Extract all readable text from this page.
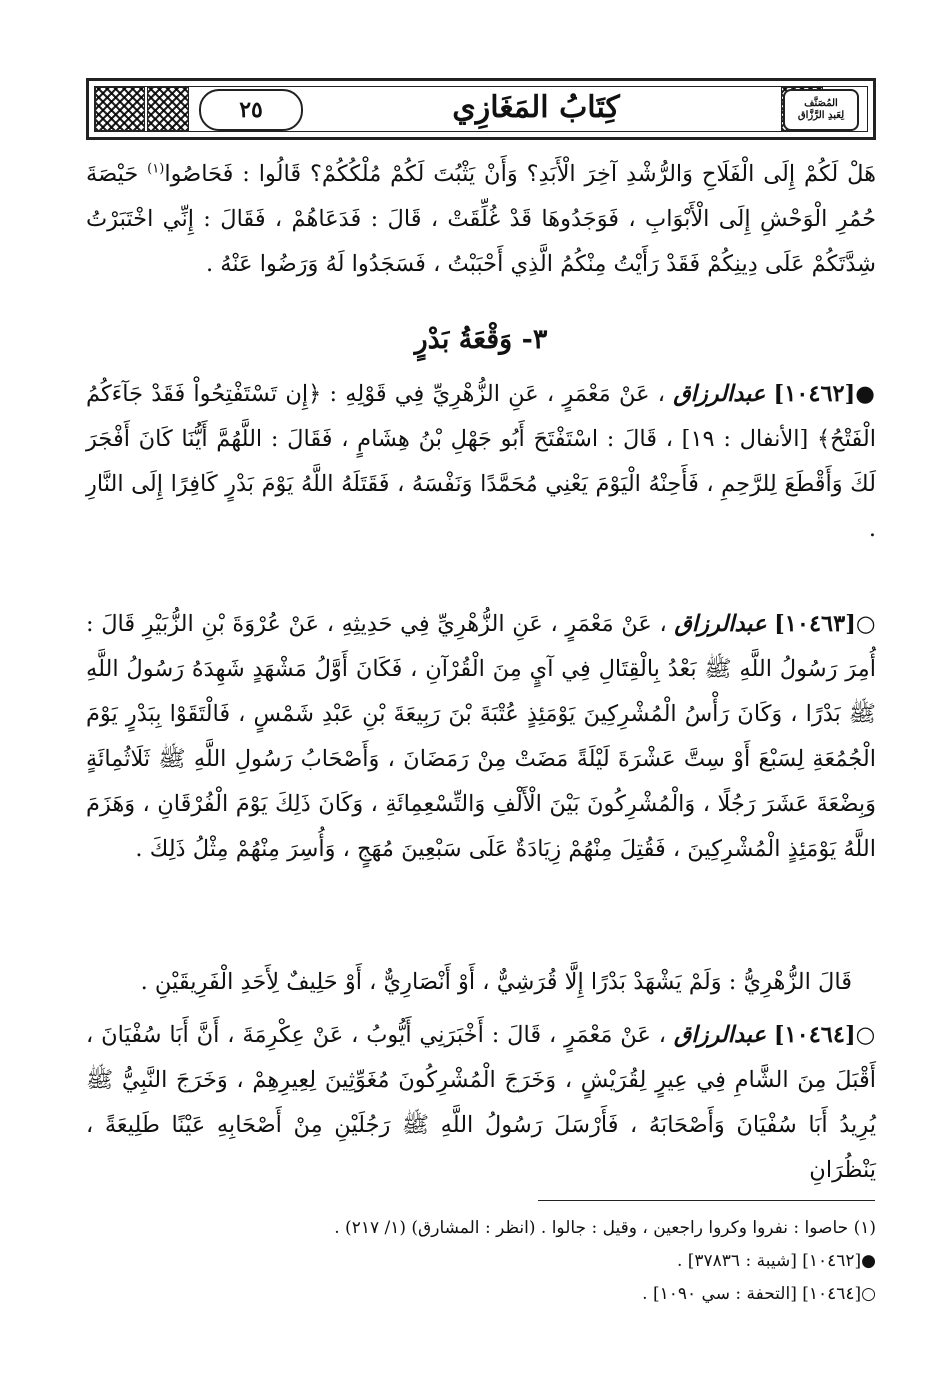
٢٥	كِتَابُ المَغَازِي	المُصَنَّف
لِعَبدِ الرَّزَّاق
هَلْ لَكُمْ إِلَى الْفَلَاحِ وَالرُّشْدِ آخِرَ الْأَبَدِ؟ وَأَنْ يَثْبُتَ لَكُمْ مُلْكُكُمْ؟ قَالُوا : فَحَاصُوا$^{(١)}$ حَيْصَةَ حُمُرِ الْوَحْشِ إِلَى الْأَبْوَابِ ، فَوَجَدُوهَا قَدْ غُلِّقَتْ ، قَالَ : فَدَعَاهُمْ ، فَقَالَ : إِنِّي اخْتَبَرْتُ شِدَّتَكُمْ عَلَى دِينِكُمْ فَقَدْ رَأَيْتُ مِنْكُمُ الَّذِي أَحْبَبْتُ ، فَسَجَدُوا لَهُ وَرَضُوا عَنْهُ .
٣- وَقْعَةُ بَدْرٍ
●[١٠٤٦٢] عبدالرزاق ، عَنْ مَعْمَرٍ ، عَنِ الزُّهْرِيِّ فِي قَوْلِهِ : ﴿إِن تَسْتَفْتِحُواْ فَقَدْ جَآءَكُمُ الْفَتْحُ﴾ [الأنفال : ١٩] ، قَالَ : اسْتَفْتَحَ أَبُو جَهْلِ بْنُ هِشَامٍ ، فَقَالَ : اللَّهُمَّ أَيُّنَا كَانَ أَفْجَرَ لَكَ وَأَقْطَعَ لِلرَّحِمِ ، فَأَحِنْهُ الْيَوْمَ يَعْنِي مُحَمَّدًا وَنَفْسَهُ ، فَقَتَلَهُ اللَّهُ يَوْمَ بَدْرٍ كَافِرًا إِلَى النَّارِ .
○[١٠٤٦٣] عبدالرزاق ، عَنْ مَعْمَرٍ ، عَنِ الزُّهْرِيِّ فِي حَدِيثِهِ ، عَنْ عُرْوَةَ بْنِ الزُّبَيْرِ قَالَ : أُمِرَ رَسُولُ اللَّهِ ﷺ بَعْدُ بِالْقِتَالِ فِي آيٍ مِنَ الْقُرْآنِ ، فَكَانَ أَوَّلُ مَشْهَدٍ شَهِدَهُ رَسُولُ اللَّهِ ﷺ بَدْرًا ، وَكَانَ رَأْسُ الْمُشْرِكِينَ يَوْمَئِذٍ عُتْبَةَ بْنَ رَبِيعَةَ بْنِ عَبْدِ شَمْسٍ ، فَالْتَقَوْا بِبَدْرٍ يَوْمَ الْجُمُعَةِ لِسَبْعَ أَوْ سِتَّ عَشْرَةَ لَيْلَةً مَضَتْ مِنْ رَمَضَانَ ، وَأَصْحَابُ رَسُولِ اللَّهِ ﷺ ثَلَاثُمِائَةٍ وَبِضْعَةَ عَشَرَ رَجُلًا ، وَالْمُشْرِكُونَ بَيْنَ الْأَلْفِ وَالتِّسْعِمِائَةِ ، وَكَانَ ذَلِكَ يَوْمَ الْفُرْقَانِ ، وَهَزَمَ اللَّهُ يَوْمَئِذٍ الْمُشْرِكِينَ ، فَقُتِلَ مِنْهُمْ زِيَادَةٌ عَلَى سَبْعِينَ مُهَجٍ ، وَأُسِرَ مِنْهُمْ مِثْلُ ذَلِكَ .
قَالَ الزُّهْرِيُّ : وَلَمْ يَشْهَدْ بَدْرًا إِلَّا قُرَشِيٌّ ، أَوْ أَنْصَارِيٌّ ، أَوْ حَلِيفٌ لِأَحَدِ الْفَرِيقَيْنِ .
○[١٠٤٦٤] عبدالرزاق ، عَنْ مَعْمَرٍ ، قَالَ : أَخْبَرَنِي أَيُّوبُ ، عَنْ عِكْرِمَةَ ، أَنَّ أَبَا سُفْيَانَ ، أَقْبَلَ مِنَ الشَّامِ فِي عِيرٍ لِقُرَيْشٍ ، وَخَرَجَ الْمُشْرِكُونَ مُغَوِّثِينَ لِعِيرِهِمْ ، وَخَرَجَ النَّبِيُّ ﷺ يُرِيدُ أَبَا سُفْيَانَ وَأَصْحَابَهُ ، فَأَرْسَلَ رَسُولُ اللَّهِ ﷺ رَجُلَيْنِ مِنْ أَصْحَابِهِ عَيْنًا طَلِيعَةً ، يَنْظُرَانِ
(١) حاصوا : نفروا وكروا راجعين ، وقيل : جالوا . (انظر : المشارق) (١/ ٢١٧) .
●[١٠٤٦٢] [شيبة : ٣٧٨٣٦] .
○[١٠٤٦٤] [التحفة : سي ١٠٩٠] .
